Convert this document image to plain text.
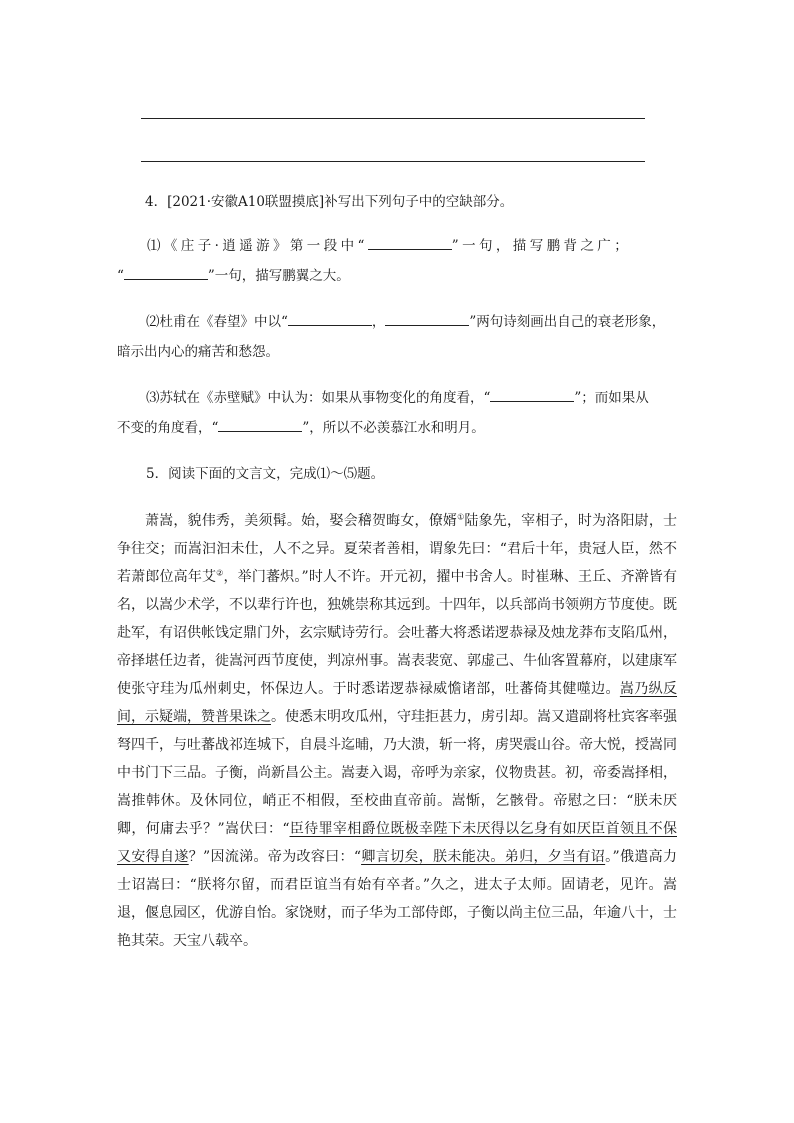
4．[2021·安徽A10联盟摸底]补写出下列句子中的空缺部分。

⑴《庄子·逍遥游》第一段中“	”一句，描写鹏背之广；

“	”一句，描写鹏翼之大。

⑵杜甫在《春望》中以“	，	”两句诗刻画出自己的衰老形象，

暗示出内心的痛苦和愁怨。

⑶苏轼在《赤壁赋》中认为：如果从事物变化的角度看，“	”；而如果从

不变的角度看，“	”，所以不必羡慕江水和明月。

5．阅读下面的文言文，完成⑴～⑸题。

萧嵩，貌伟秀，美须髯。始，娶会稽贺晦女，僚婿①陆象先，宰相子，时为洛阳尉，士争往交；而嵩汩汩未仕，人不之异。夏荣者善相，谓象先曰：“君后十年，贵冠人臣，然不若萧郎位高年艾②，举门蕃炽。”时人不许。开元初，擢中书舍人。时崔琳、王丘、齐澣皆有名，以嵩少术学，不以辈行许也，独姚崇称其远到。十四年，以兵部尚书领朔方节度使。既赴军，有诏供帐饯定鼎门外，玄宗赋诗劳行。会吐蕃大将悉诺逻恭禄及烛龙莽布支陷瓜州，帝择堪任边者，徙嵩河西节度使，判凉州事。嵩表裴宽、郭虚己、牛仙客置幕府，以建康军使张守珪为瓜州刺史，怀保边人。于时悉诺逻恭禄威憺诸部，吐蕃倚其健噬边。嵩乃纵反间，示疑端，赞普果诛之。使悉末明攻瓜州，守珪拒甚力，虏引却。嵩又遣副将杜宾客率强弩四千，与吐蕃战祁连城下，自晨斗迄晡，乃大溃，斩一将，虏哭震山谷。帝大悦，授嵩同中书门下三品。子衡，尚新昌公主。嵩妻入谒，帝呼为亲家，仪物贵甚。初，帝委嵩择相，嵩推韩休。及休同位，峭正不相假，至校曲直帝前。嵩惭，乞骸骨。帝慰之曰：“朕未厌卿，何庸去乎？”嵩伏曰：“臣待罪宰相爵位既极幸陛下未厌得以乞身有如厌臣首领且不保又安得自遂？”因流涕。帝为改容曰：“卿言切矣，朕未能决。弟归，夕当有诏。”俄遣高力士诏嵩曰：“朕将尔留，而君臣谊当有始有卒者。”久之，进太子太师。固请老，见许。嵩退，偃息园区，优游自怡。家饶财，而子华为工部侍郎，子衡以尚主位三品，年逾八十，士艳其荣。天宝八载卒。
